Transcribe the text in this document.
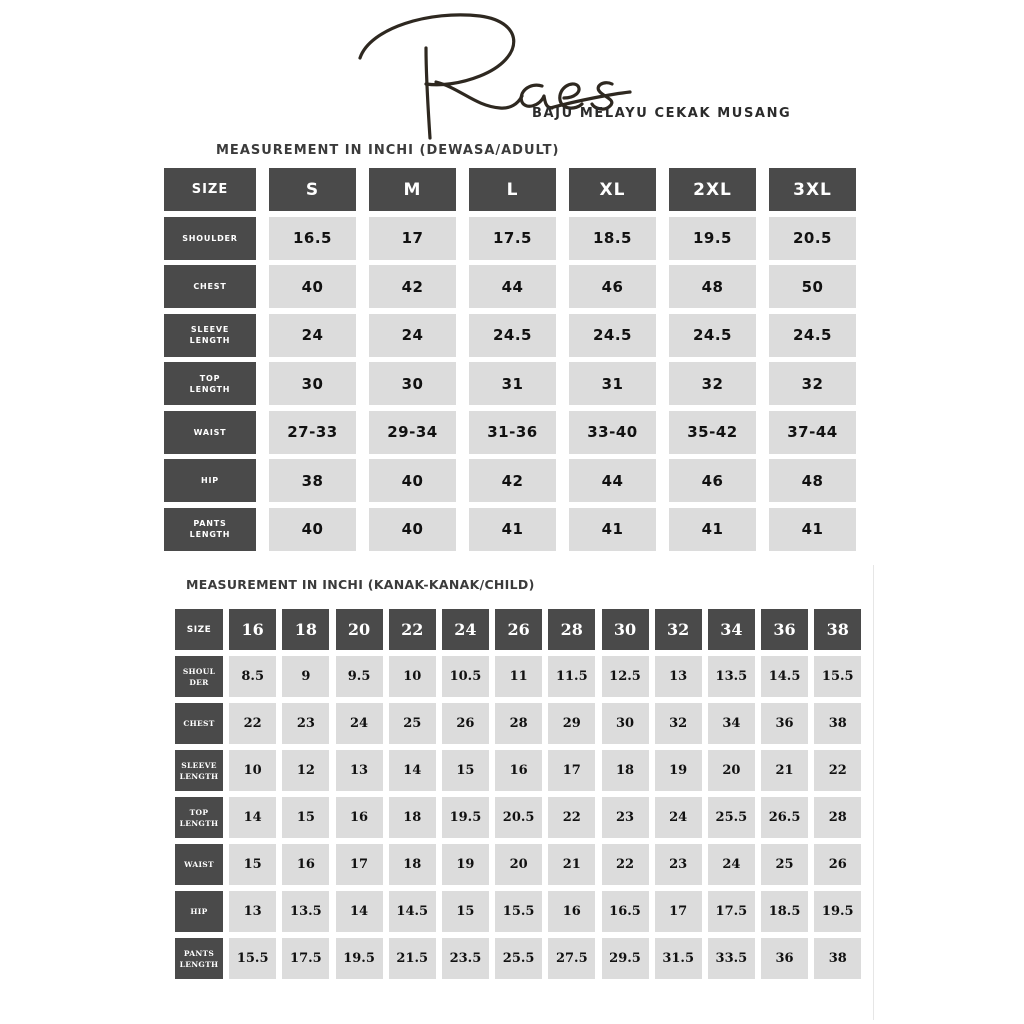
BAJU MELAYU CEKAK MUSANG
MEASUREMENT IN INCHI (DEWASA/ADULT)
SIZE	S	M	L	XL	2XL	3XL
SHOULDER	16.5	17	17.5	18.5	19.5	20.5
CHEST	40	42	44	46	48	50
SLEEVE
LENGTH	24	24	24.5	24.5	24.5	24.5
TOP
LENGTH	30	30	31	31	32	32
WAIST	27-33	29-34	31-36	33-40	35-42	37-44
HIP	38	40	42	44	46	48
PANTS
LENGTH	40	40	41	41	41	41
MEASUREMENT IN INCHI (KANAK-KANAK/CHILD)
SIZE	16	18	20	22	24	26	28	30	32	34	36	38
SHOUL
DER	8.5	9	9.5	10	10.5	11	11.5	12.5	13	13.5	14.5	15.5
CHEST	22	23	24	25	26	28	29	30	32	34	36	38
SLEEVE
LENGTH	10	12	13	14	15	16	17	18	19	20	21	22
TOP
LENGTH	14	15	16	18	19.5	20.5	22	23	24	25.5	26.5	28
WAIST	15	16	17	18	19	20	21	22	23	24	25	26
HIP	13	13.5	14	14.5	15	15.5	16	16.5	17	17.5	18.5	19.5
PANTS
LENGTH	15.5	17.5	19.5	21.5	23.5	25.5	27.5	29.5	31.5	33.5	36	38
